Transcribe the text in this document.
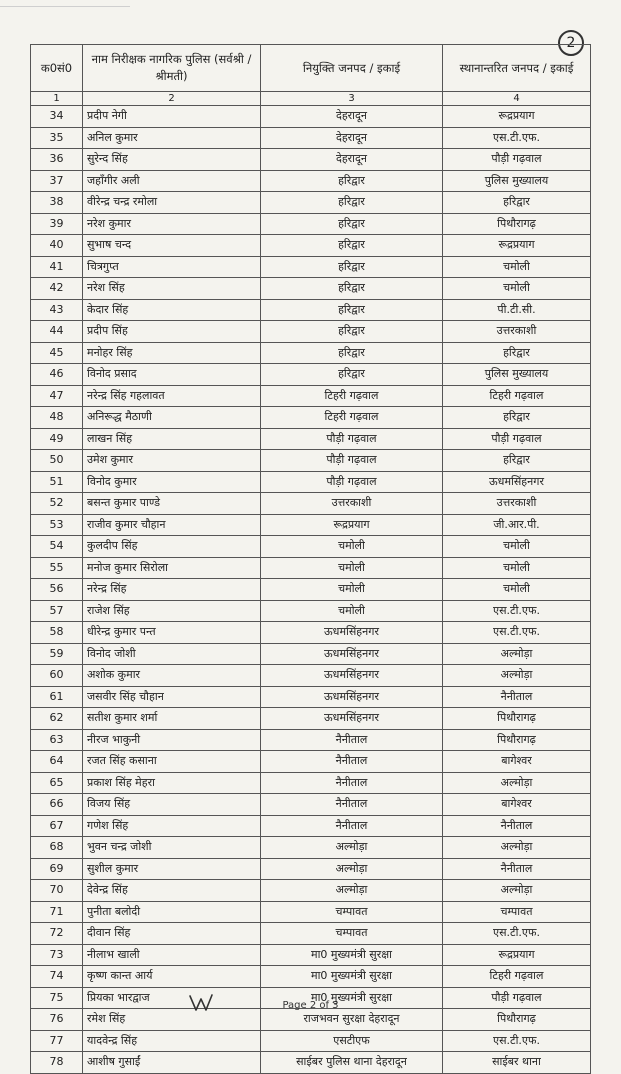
2
क0सं0	नाम निरीक्षक नागरिक पुलिस (सर्वश्री / श्रीमती)	नियुक्ति जनपद / इकाई	स्थानान्तरित जनपद / इकाई
1	2	3	4
34	प्रदीप नेगी	देहरादून	रूद्रप्रयाग
35	अनिल कुमार	देहरादून	एस.टी.एफ.
36	सुरेन्द सिंह	देहरादून	पौड़ी गढ़वाल
37	जहाँगीर अली	हरिद्वार	पुलिस मुख्यालय
38	वीरेन्द्र चन्द्र रमोला	हरिद्वार	हरिद्वार
39	नरेश कुमार	हरिद्वार	पिथौरागढ़
40	सुभाष चन्द	हरिद्वार	रूद्रप्रयाग
41	चित्रगुप्त	हरिद्वार	चमोली
42	नरेश सिंह	हरिद्वार	चमोली
43	केदार सिंह	हरिद्वार	पी.टी.सी.
44	प्रदीप सिंह	हरिद्वार	उत्तरकाशी
45	मनोहर सिंह	हरिद्वार	हरिद्वार
46	विनोद प्रसाद	हरिद्वार	पुलिस मुख्यालय
47	नरेन्द्र सिंह गहलावत	टिहरी गढ़वाल	टिहरी गढ़वाल
48	अनिरूद्ध मैठाणी	टिहरी गढ़वाल	हरिद्वार
49	लाखन सिंह	पौड़ी गढ़वाल	पौड़ी गढ़वाल
50	उमेश कुमार	पौड़ी गढ़वाल	हरिद्वार
51	विनोद कुमार	पौड़ी गढ़वाल	ऊधमसिंहनगर
52	बसन्त कुमार पाण्डे	उत्तरकाशी	उत्तरकाशी
53	राजीव कुमार चौहान	रूद्रप्रयाग	जी.आर.पी.
54	कुलदीप सिंह	चमोली	चमोली
55	मनोज कुमार सिरोला	चमोली	चमोली
56	नरेन्द्र सिंह	चमोली	चमोली
57	राजेश सिंह	चमोली	एस.टी.एफ.
58	धीरेन्द्र कुमार पन्त	ऊधमसिंहनगर	एस.टी.एफ.
59	विनोद जोशी	ऊधमसिंहनगर	अल्मोड़ा
60	अशोक कुमार	ऊधमसिंहनगर	अल्मोड़ा
61	जसवीर सिंह चौहान	ऊधमसिंहनगर	नैनीताल
62	सतीश कुमार शर्मा	ऊधमसिंहनगर	पिथौरागढ़
63	नीरज भाकुनी	नैनीताल	पिथौरागढ़
64	रजत सिंह कसाना	नैनीताल	बागेश्वर
65	प्रकाश सिंह मेहरा	नैनीताल	अल्मोड़ा
66	विजय सिंह	नैनीताल	बागेश्वर
67	गणेश सिंह	नैनीताल	नैनीताल
68	भुवन चन्द्र जोशी	अल्मोड़ा	अल्मोड़ा
69	सुशील कुमार	अल्मोड़ा	नैनीताल
70	देवेन्द्र सिंह	अल्मोड़ा	अल्मोड़ा
71	पुनीता बलोदी	चम्पावत	चम्पावत
72	दीवान सिंह	चम्पावत	एस.टी.एफ.
73	नीलाभ खाली	मा0 मुख्यमंत्री सुरक्षा	रूद्रप्रयाग
74	कृष्ण कान्त आर्य	मा0 मुख्यमंत्री सुरक्षा	टिहरी गढ़वाल
75	प्रियका भारद्वाज	मा0 मुख्यमंत्री सुरक्षा	पौड़ी गढ़वाल
76	रमेश सिंह	राजभवन सुरक्षा देहरादून	पिथौरागढ़
77	यादवेन्द्र सिंह	एसटीएफ	एस.टी.एफ.
78	आशीष गुसाईं	साईबर पुलिस थाना देहरादून	साईबर थाना
Page 2 of 3
